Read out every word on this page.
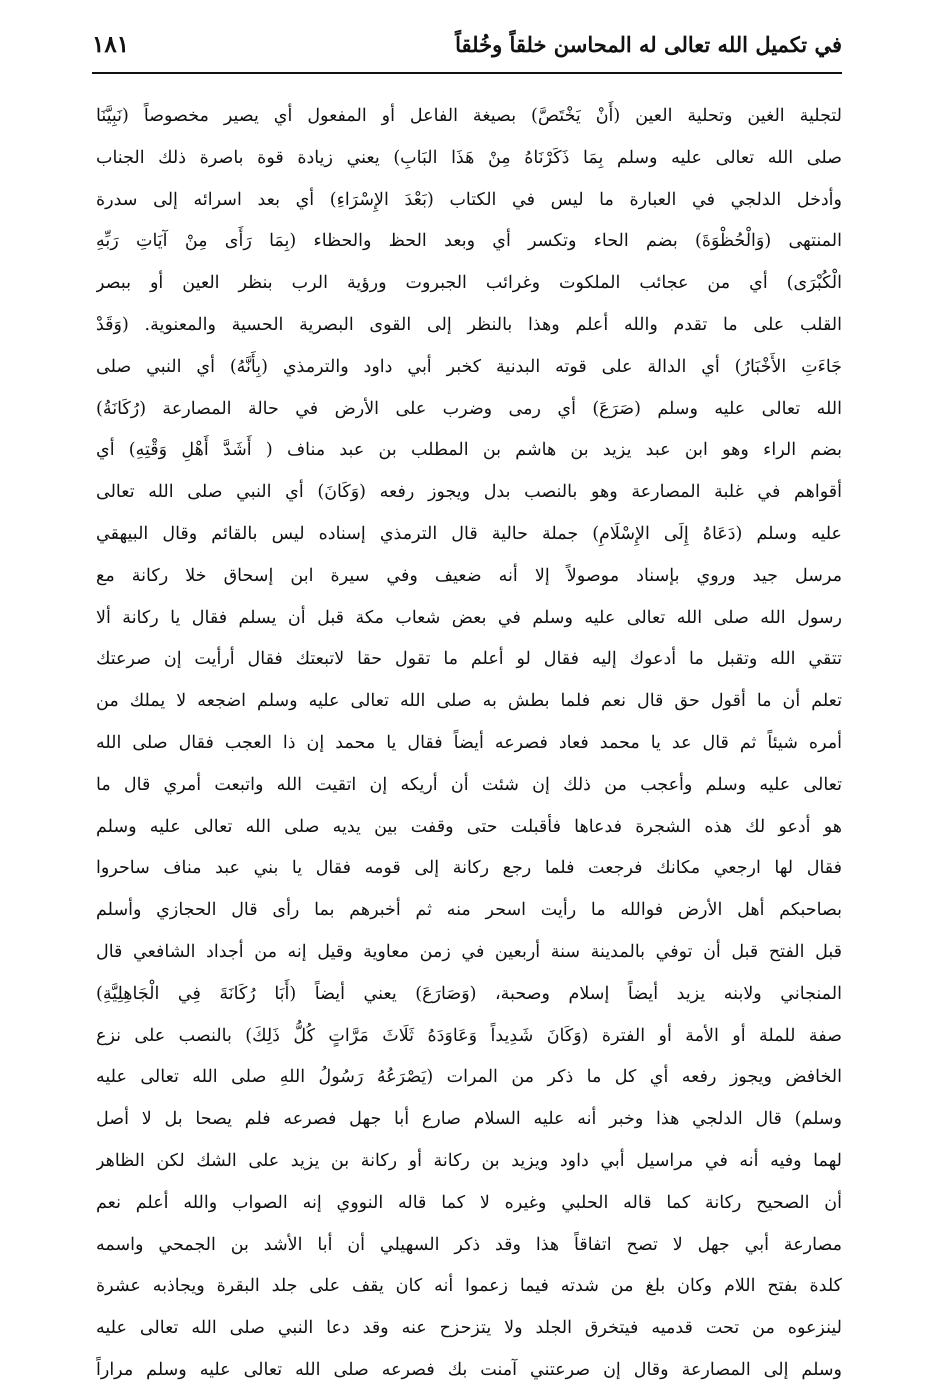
في تكميل الله تعالى له المحاسن خلقاً وخُلقاً
١٨١
لتجلية الغين وتحلية العين (أَنْ يَخْتَصَّ) بصيغة الفاعل أو المفعول أي يصير مخصوصاً (نَبِيَّنَا
صلى الله تعالى عليه وسلم بِمَا ذَكَرْنَاهُ مِنْ هَذَا البَابِ) يعني زيادة قوة باصرة ذلك الجناب
وأدخل الدلجي في العبارة ما ليس في الكتاب (بَعْدَ الإِسْرَاءِ) أي بعد اسرائه إلى سدرة
المنتهى (وَالْحُظْوَةَ) بضم الحاء وتكسر أي وبعد الحظ والحظاء (بِمَا رَأَى مِنْ آيَاتِ رَبِّهِ
الْكُبْرَى) أي من عجائب الملكوت وغرائب الجبروت ورؤية الرب بنظر العين أو ببصر
القلب على ما تقدم والله أعلم وهذا بالنظر إلى القوى البصرية الحسية والمعنوية. (وَقَدْ
جَاءَتِ الأَخْبَارُ) أي الدالة على قوته البدنية كخبر أبي داود والترمذي (بِأَنَّهُ) أي النبي صلى
الله تعالى عليه وسلم (صَرَعَ) أي رمى وضرب على الأرض في حالة المصارعة (رُكَانَةُ)
بضم الراء وهو ابن عبد يزيد بن هاشم بن المطلب بن عبد مناف ( أَشَدَّ أَهْلِ وَقْتِهِ) أي
أقواهم في غلبة المصارعة وهو بالنصب بدل ويجوز رفعه (وَكَانَ) أي النبي صلى الله تعالى
عليه وسلم (دَعَاهُ إِلَى الإِسْلَامِ) جملة حالية قال الترمذي إسناده ليس بالقائم وقال البيهقي
مرسل جيد وروي بإسناد موصولاً إلا أنه ضعيف وفي سيرة ابن إسحاق خلا ركانة مع
رسول الله صلى الله تعالى عليه وسلم في بعض شعاب مكة قبل أن يسلم فقال يا ركانة ألا
تتقي الله وتقبل ما أدعوك إليه فقال لو أعلم ما تقول حقا لاتبعتك فقال أرأيت إن صرعتك
تعلم أن ما أقول حق قال نعم فلما بطش به صلى الله تعالى عليه وسلم اضجعه لا يملك من
أمره شيئاً ثم قال عد يا محمد فعاد فصرعه أيضاً فقال يا محمد إن ذا العجب فقال صلى الله
تعالى عليه وسلم وأعجب من ذلك إن شئت أن أريكه إن اتقيت الله واتبعت أمري قال ما
هو أدعو لك هذه الشجرة فدعاها فأقبلت حتى وقفت بين يديه صلى الله تعالى عليه وسلم
فقال لها ارجعي مكانك فرجعت فلما رجع ركانة إلى قومه فقال يا بني عبد مناف ساحروا
بصاحبكم أهل الأرض فوالله ما رأيت اسحر منه ثم أخبرهم بما رأى قال الحجازي وأسلم
قبل الفتح قبل أن توفي بالمدينة سنة أربعين في زمن معاوية وقيل إنه من أجداد الشافعي قال
المنجاني ولابنه يزيد أيضاً إسلام وصحبة، (وَصَارَعَ) يعني أيضاً (أَبَا رُكَانَةَ فِي الْجَاهِلِيَّةِ)
صفة للملة أو الأمة أو الفترة (وَكَانَ شَدِيداً وَعَاوَدَهُ ثَلَاثَ مَرَّاتٍ كُلُّ ذَلِكَ) بالنصب على نزع
الخافض ويجوز رفعه أي كل ما ذكر من المرات (يَصْرَعُهُ رَسُولُ اللهِ صلى الله تعالى عليه
وسلم) قال الدلجي هذا وخبر أنه عليه السلام صارع أبا جهل فصرعه فلم يصحا بل لا أصل
لهما وفيه أنه في مراسيل أبي داود ويزيد بن ركانة أو ركانة بن يزيد على الشك لكن الظاهر
أن الصحيح ركانة كما قاله الحلبي وغيره لا كما قاله النووي إنه الصواب والله أعلم نعم
مصارعة أبي جهل لا تصح اتفاقاً هذا وقد ذكر السهيلي أن أبا الأشد بن الجمحي واسمه
كلدة بفتح اللام وكان بلغ من شدته فيما زعموا أنه كان يقف على جلد البقرة ويجاذبه عشرة
لينزعوه من تحت قدميه فيتخرق الجلد ولا يتزحزح عنه وقد دعا النبي صلى الله تعالى عليه
وسلم إلى المصارعة وقال إن صرعتني آمنت بك فصرعه صلى الله تعالى عليه وسلم مراراً
